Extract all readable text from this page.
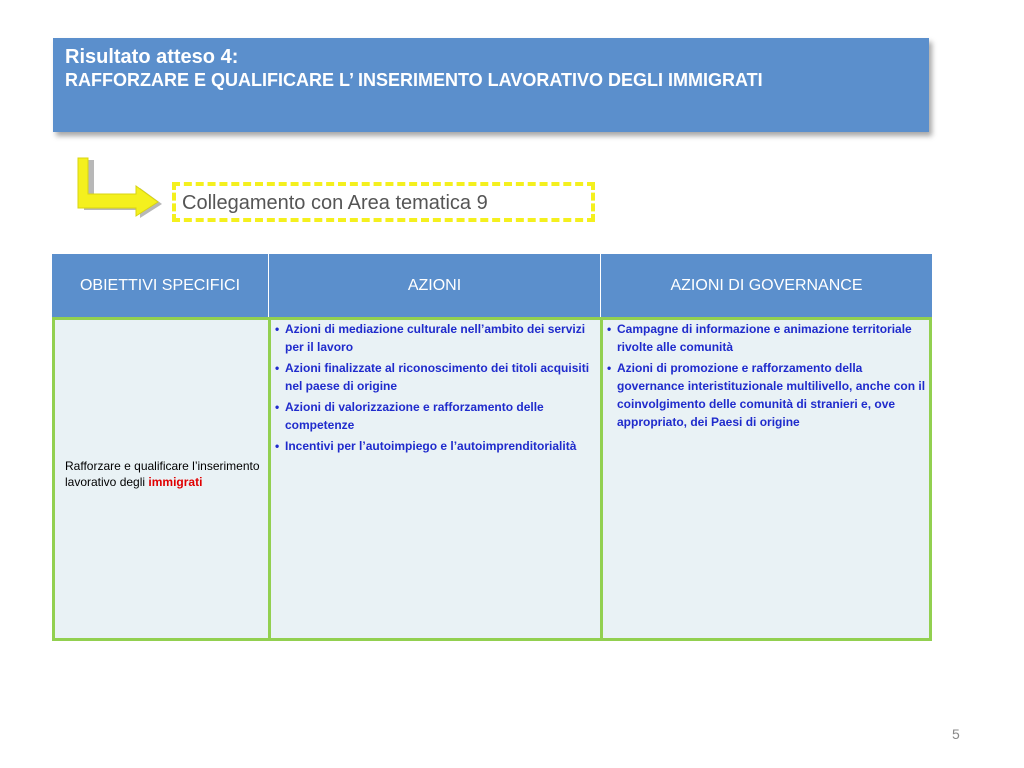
Risultato atteso 4:
RAFFORZARE E QUALIFICARE L’ INSERIMENTO LAVORATIVO DEGLI IMMIGRATI
Collegamento con Area tematica 9
OBIETTIVI SPECIFICI	AZIONI	AZIONI DI GOVERNANCE
Rafforzare e qualificare l’inserimento lavorativo degli immigrati
• Azioni di mediazione culturale nell’ambito dei servizi per il lavoro
• Azioni finalizzate al riconoscimento dei titoli acquisiti nel paese di origine
• Azioni di valorizzazione e rafforzamento delle competenze
• Incentivi per l’autoimpiego e l’autoimprenditorialità
• Campagne di informazione e animazione territoriale rivolte alle comunità
• Azioni di promozione e rafforzamento della governance interistituzionale multilivello, anche con il coinvolgimento delle comunità di stranieri e, ove appropriato, dei Paesi di origine
5
